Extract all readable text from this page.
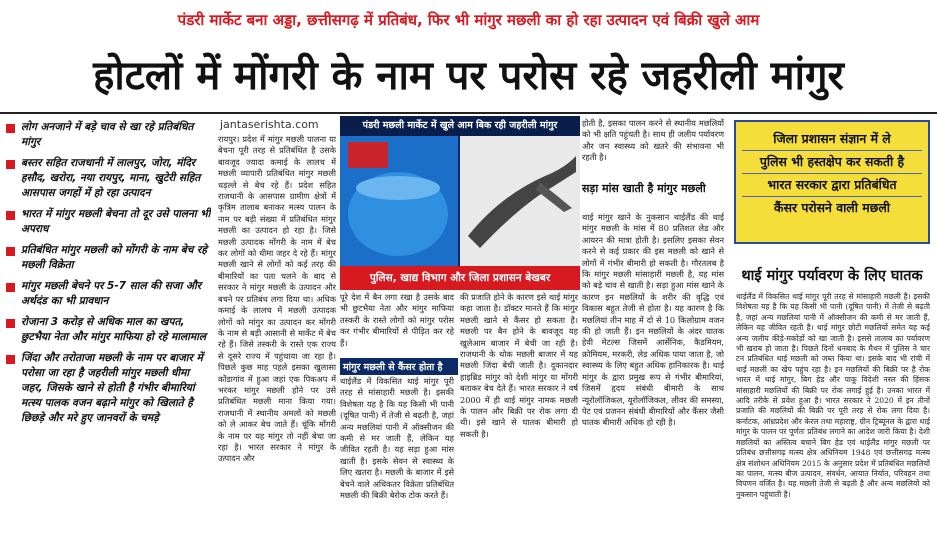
पंडरी मार्केट बना अड्डा, छत्तीसगढ़ में प्रतिबंध, फिर भी मांगुर मछली का हो रहा उत्पादन एवं बिक्री खुले आम
होटलों में मोंगरी के नाम पर परोस रहे जहरीली मांगुर
लोग अनजाने में बड़े चाव से खा रहे प्रतिबंधित मांगुर
बस्तर सहित राजधानी में लालपुर, जोरा, मंदिर हसौद, खरोरा, नया रायपुर, माना, खुटेरी सहित आसपास जगहों में हो रहा उत्पादन
भारत में मांगुर मछली बेचना तो दूर उसे पालना भी अपराध
प्रतिबंधित मांगुर मछली को मोंगरी के नाम बेच रहे मछली विक्रेता
मांगुर मछली बेचने पर 5-7 साल की सजा और अर्थदंड का भी प्रावधान
रोजाना 3 करोड़ से अधिक माल का खपत, छुटभैया नेता और मांगुर माफिया हो रहे मालामाल
जिंदा और तरोताजा मछली के नाम पर बाजार में परोसा जा रहा है जहरीली मांगुर मछली धीमा जहर, जिसके खाने से होती है गंभीर बीमारियां मत्स्य पालक वजन बढ़ाने मांगुर को खिलाते है छिछड़े और मरे हुए जानवरों के चमड़े
jantaserishta.com
रायपुर। प्रदेश में मांगुर मछली पालना या बेचना पूरी तरह से प्रतिबंधित है उसके बावजूद ज्यादा कमाई के लालच में मछली व्यापारी प्रतिबंधित मांगुर मछली धड़ल्ले से बेच रहे हैं। प्रदेश सहित राजधानी के आसपास ग्रामीण क्षेत्रों में कृत्रिम तालाब बनाकर मत्स्य पालन के नाम पर बड़ी संख्या में प्रतिबंधित मांगुर मछली का उत्पादन हो रहा है। जिसे मछली उत्पादक मोंगरी के नाम में बेच कर लोगों को धीमा जहर दे रहे हैं। मांगुर मछली खाने से लोगों को कई तरह की बीमारियों का पता चलने के बाद से सरकार ने मांगुर मछली के उत्पादन और बचने पर प्रतिबंध लगा दिया था। अधिक कमाई के लालच में मछली उत्पादक लोगों को मांगुर का उत्पादन कर मोंगरी के नाम से बड़ी आसानी से मार्केट में बेच रहे हैं। जिसे तस्करी के रास्ते एक राज्य से दूसरे राज्य में पहुंचाया जा रहा है। पिछले कुछ माह पहले इसका खुलासा कोंडागांव में हुआ जहां एक पिकअप में भरकर मांगुर मछली होने पर उसे प्रतिबंधित मछली माना किया गया। राजधानी में स्थानीय अमलों को मछली को ले आकर बेच जाते हैं। चूंकि मोंगरी के नाम पर यह मांगुर तो नहीं बेचा जा रहा है। भारत सरकार ने मांगुर के उत्पादन और
पंडरी मछली मार्केट में खुले आम बिक रही जहरीली मांगुर
पुलिस, खाद्य विभाग और जिला प्रशासन बेखबर
पूरे देश में बैन लगा रखा है उसके बाद भी छुटभैया नेता और मांगुर माफिया तस्करी के रास्ते लोगों को मांगुर परोस कर गंभीर बीमारियों से पीड़ित कर रहे हैं।
मांगुर मछली से कैंसर होता है
थाईलैंड में विकसित थाई मांगुर पूरी तरह से मांसाहारी मछली है। इसकी विशेषता यह है कि यह किसी भी पानी (दूषित पानी) में तेजी से बढ़ती है, जहां अन्य मछलियां पानी में ऑक्सीजन की कमी से मर जाती हैं, लेकिन यह जीवित रहती है। यह सड़ा हुआ मांस खाती है। इसके सेवन से स्वास्थ्य के लिए खतरा है। मछली के बाजार में इसे बेचने वाले अधिकतर विक्रेता प्रतिबंधित मछली की बिक्री बेरोक टोक करते हैं।
की प्रजाति होने के कारण इसे थाई मांगुर कहा जाता है। डॉक्टर मानते हैं कि मांगुर मछली खाने से कैंसर हो सकता है। मछली पर बैन होने के बावजूद यह खुलेआम बाजार में बेची जा रही है। राजधानी के थोक मछली बाजार में यह मछली जिंदा बेची जाती है। दुकानदार हाइब्रिड मांगुर को देशी मांगुर या मोंगरी बताकर बेच देते हैं। भारत सरकार ने वर्ष 2000 में ही थाई मांगुर नामक मछली के पालन और बिक्री पर रोक लगा दी थी। इसे खाने से घातक बीमारी हो सकती है।
होती है, इसका पालन करने से स्थानीय मछलियों को भी क्षति पहुंचती है। साथ ही जलीय पर्यावरण और जन स्वास्थ्य को खतरे की संभावना भी रहती है।
सड़ा मांस खाती है मांगुर मछली
थाई मांगुर खाने के नुकसान थाईलैंड की थाई मांगुर मछली के मांस में 80 प्रतिशत लेड और आयरन की मात्रा होती है। इसलिए इसका सेवन करने से कई प्रकार की इस मछली को खाने से लोगों में गंभीर बीमारी हो सकती है। गौरतलब है कि मांगुर मछली मांसाहारी मछली है, यह मांस को बड़े चाव से खाती है। सड़ा हुआ मांस खाने के कारण इन मछलियों के शरीर की वृद्धि एवं विकास बहुत तेजी से होता है। यह कारण है कि मछलियां तीन माह में दो से 10 किलोग्राम वजन की हो जाती हैं। इन मछलियों के अंदर घातक हेवी मेटल्स जिसमें आर्सेनिक, कैडमियम, क्रोमियम, मरकरी, लेड अधिक पाया जाता है, जो स्वास्थ्य के लिए बहुत अधिक हानिकारक है। थाई मांगुर के द्वारा प्रमुख रूप से गंभीर बीमारियां, जिसमें हृदय संबंधी बीमारी के साथ न्यूरोलॉजिकल, यूरोलॉजिकल, लीवर की समस्या, पेट एवं प्रजनन संबंधी बीमारियों और कैंसर जैसी घातक बीमारी अधिक हो रही है।
जिला प्रशासन संज्ञान में ले
पुलिस भी हस्तक्षेप कर सकती है
भारत सरकार द्वारा प्रतिबंधित
कैंसर परोसने वाली मछली
थाई मांगुर पर्यावरण के लिए घातक
थाईलैंड में विकसित थाई मांगुर पूरी तरह से मांसाहारी मछली है। इसकी विशेषता यह है कि यह किसी भी पानी (दूषित पानी) में तेजी से बढ़ती है, जहां अन्य मछलियां पानी में ऑक्सीजन की कमी से मर जाती हैं, लेकिन यह जीवित रहती है। थाई मांगुर छोटी मछलियों समेत यह कई अन्य जलीय कीड़े-मकोड़ों को खा जाती है। इससे तालाब का पर्यावरण भी खराब हो जाता है। पिछले दिनों धनबाद के मैथन में पुलिस ने चार टन प्रतिबंधित थाई मछली को जब्त किया था। इसके बाद भी रांची में थाई मछली का खेप पहुंच रहा है। इन मछलियों की बिक्री पर है रोक भारत में थाई मांगुर, बिग हेड और पाकू विदेशी नस्ल की हिंसक मांसाहारी मछलियों की बिक्री पर रोक लगाई हुई है। उनका भारत में आदि तरीके से प्रवेश हुआ है। भारत सरकार ने 2020 में इन तीनों प्रजाति की मछलियों की बिक्री पर पूरी तरह से रोक लगा दिया है। कर्नाटक, आंध्रप्रदेश और केरल तथा महाराष्ट्र, ग्रीन ट्रिब्यूनल के द्वारा थाई मांगुर के पालन पर पूर्णतः प्रतिबंध लगाने का आदेश जारी किया है। देशी मछलियों का अस्तित्व बचाने बिग हेड एवं थाईलैंड मांगुर मछली पर प्रतिबंध छत्तीसगढ़ मत्स्य क्षेत्र अधिनियम 1948 एवं छत्तीसगढ़ मत्स्य क्षेत्र संशोधन अधिनियम 2015 के अनुसार प्रदेश में प्रतिबंधित मछलियों का पालन, मत्स्य बीज उत्पादन, संवर्धन, आयात निर्यात, परिवहन तथा विपणन वर्जित है। यह मछली तेजी से बढ़ती है और अन्य मछलियों को नुकसान पहुंचाती है।
